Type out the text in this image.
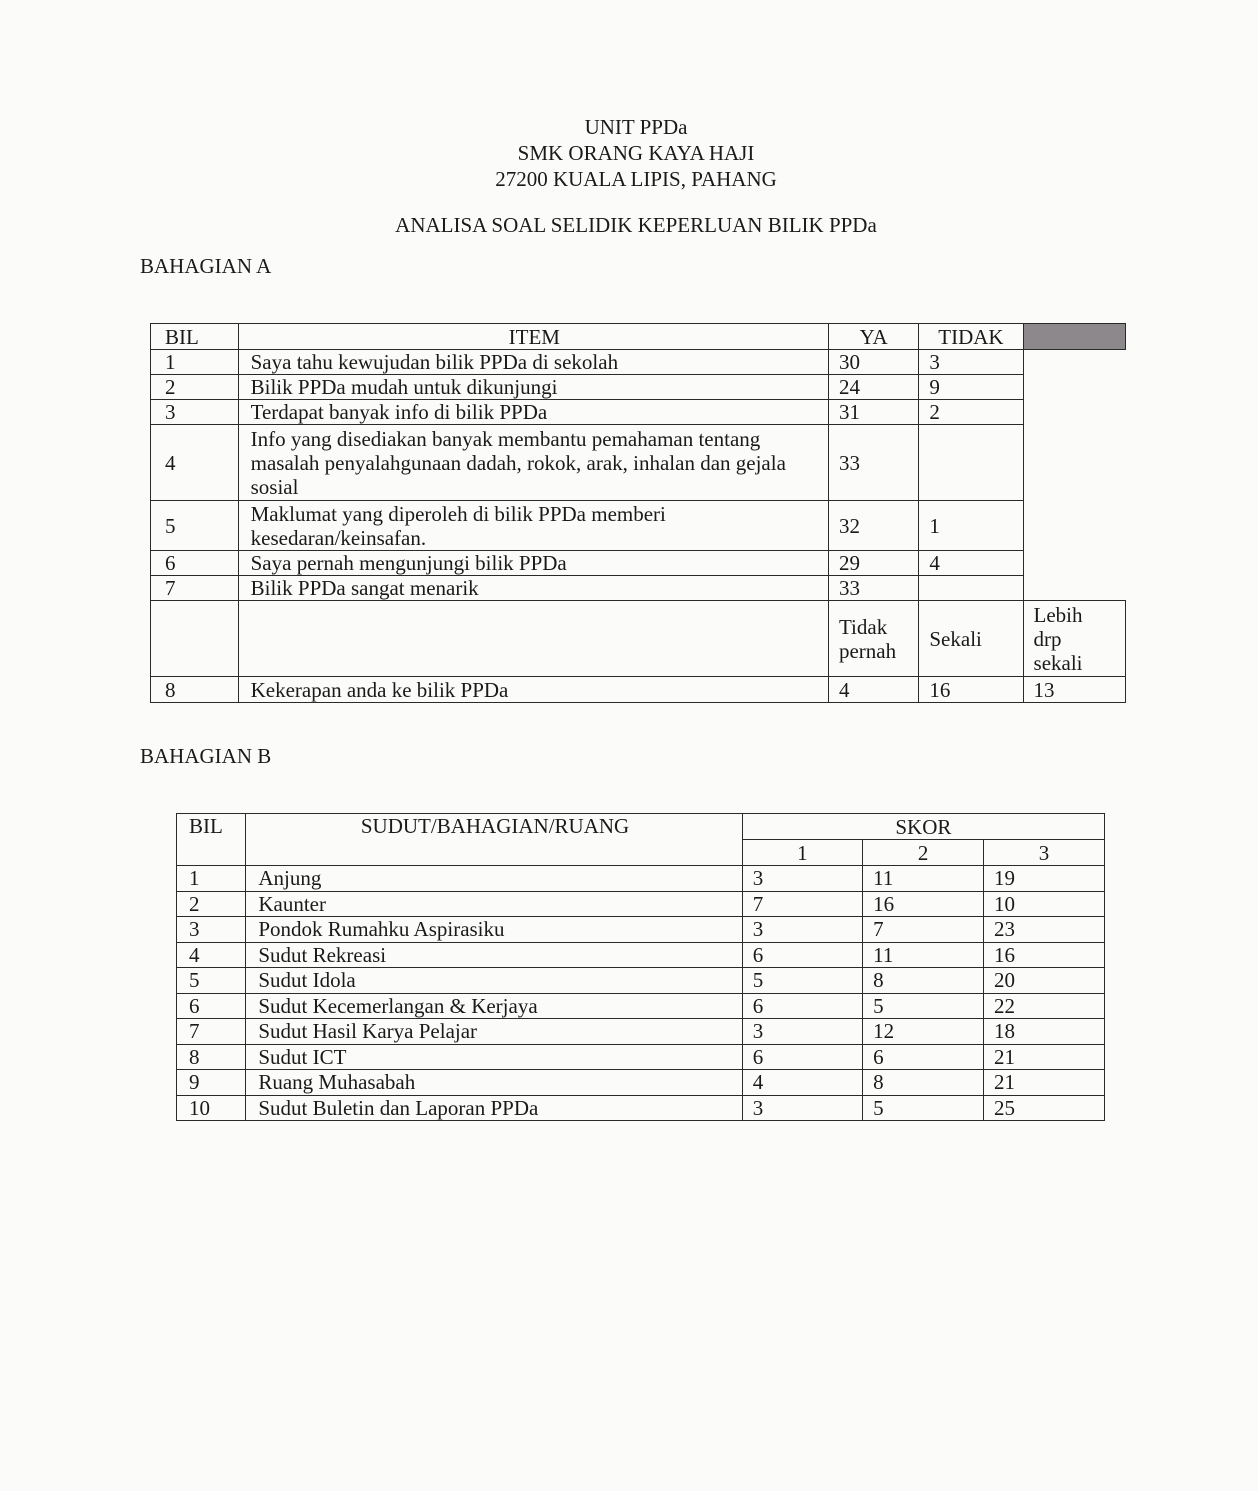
UNIT PPDa
SMK ORANG KAYA HAJI
27200 KUALA LIPIS, PAHANG
ANALISA SOAL SELIDIK KEPERLUAN BILIK PPDa
BAHAGIAN A
BIL	ITEM	YA	TIDAK	
1	Saya tahu kewujudan bilik PPDa di sekolah	30	3	
2	Bilik PPDa mudah untuk dikunjungi	24	9	
3	Terdapat banyak info di bilik PPDa	31	2	
4	Info yang disediakan banyak membantu pemahaman tentang masalah penyalahgunaan dadah, rokok, arak, inhalan dan gejala sosial	33		
5	Maklumat yang diperoleh di bilik PPDa memberi kesedaran/keinsafan.	32	1	
6	Saya pernah mengunjungi bilik PPDa	29	4	
7	Bilik PPDa sangat menarik	33		
		Tidak pernah	Sekali	Lebih drp sekali
8	Kekerapan anda ke bilik PPDa	4	16	13
BAHAGIAN B
BIL	SUDUT/BAHAGIAN/RUANG	SKOR		
		1	2	3
1	Anjung	3	11	19
2	Kaunter	7	16	10
3	Pondok Rumahku Aspirasiku	3	7	23
4	Sudut Rekreasi	6	11	16
5	Sudut Idola	5	8	20
6	Sudut Kecemerlangan & Kerjaya	6	5	22
7	Sudut Hasil Karya Pelajar	3	12	18
8	Sudut ICT	6	6	21
9	Ruang Muhasabah	4	8	21
10	Sudut Buletin dan Laporan PPDa	3	5	25
